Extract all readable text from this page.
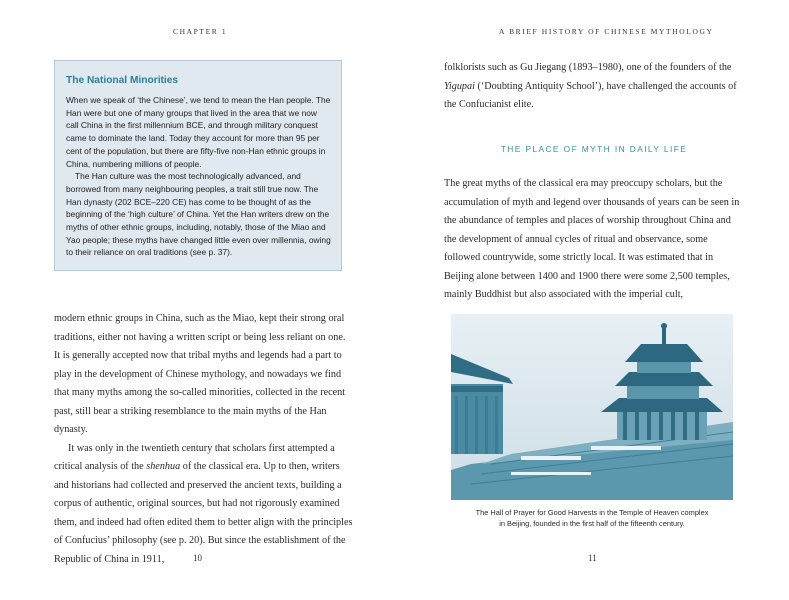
CHAPTER 1
The National Minorities

When we speak of ‘the Chinese’, we tend to mean the Han people. The Han were but one of many groups that lived in the area that we now call China in the first millennium BCE, and through military conquest came to dominate the land. Today they account for more than 95 per cent of the population, but there are fifty-five non-Han ethnic groups in China, numbering millions of people.

The Han culture was the most technologically advanced, and borrowed from many neighbouring peoples, a trait still true now. The Han dynasty (202 BCE–220 CE) has come to be thought of as the beginning of the ‘high culture’ of China. Yet the Han writers drew on the myths of other ethnic groups, including, notably, those of the Miao and Yao people; these myths have changed little even over millennia, owing to their reliance on oral traditions (see p. 37).

modern ethnic groups in China, such as the Miao, kept their strong oral traditions, either not having a written script or being less reliant on one. It is generally accepted now that tribal myths and legends had a part to play in the development of Chinese mythology, and nowadays we find that many myths among the so-called minorities, collected in the recent past, still bear a striking resemblance to the main myths of the Han dynasty.

It was only in the twentieth century that scholars first attempted a critical analysis of the shenhua of the classical era. Up to then, writers and historians had collected and preserved the ancient texts, building a corpus of authentic, original sources, but had not rigorously examined them, and indeed had often edited them to better align with the principles of Confucius’ philosophy (see p. 20). But since the establishment of the Republic of China in 1911,	10
A BRIEF HISTORY OF CHINESE MYTHOLOGY

folklorists such as Gu Jiegang (1893–1980), one of the founders of the Yigupai (‘Doubting Antiquity School’), have challenged the accounts of the Confucianist elite.

THE PLACE OF MYTH IN DAILY LIFE

The great myths of the classical era may preoccupy scholars, but the accumulation of myth and legend over thousands of years can be seen in the abundance of temples and places of worship throughout China and the development of annual cycles of ritual and observance, some followed countrywide, some strictly local. It was estimated that in Beijing alone between 1400 and 1900 there were some 2,500 temples, mainly Buddhist but also associated with the imperial cult,

The Hall of Prayer for Good Harvests in the Temple of Heaven complex
in Beijing, founded in the first half of the fifteenth century.
11
